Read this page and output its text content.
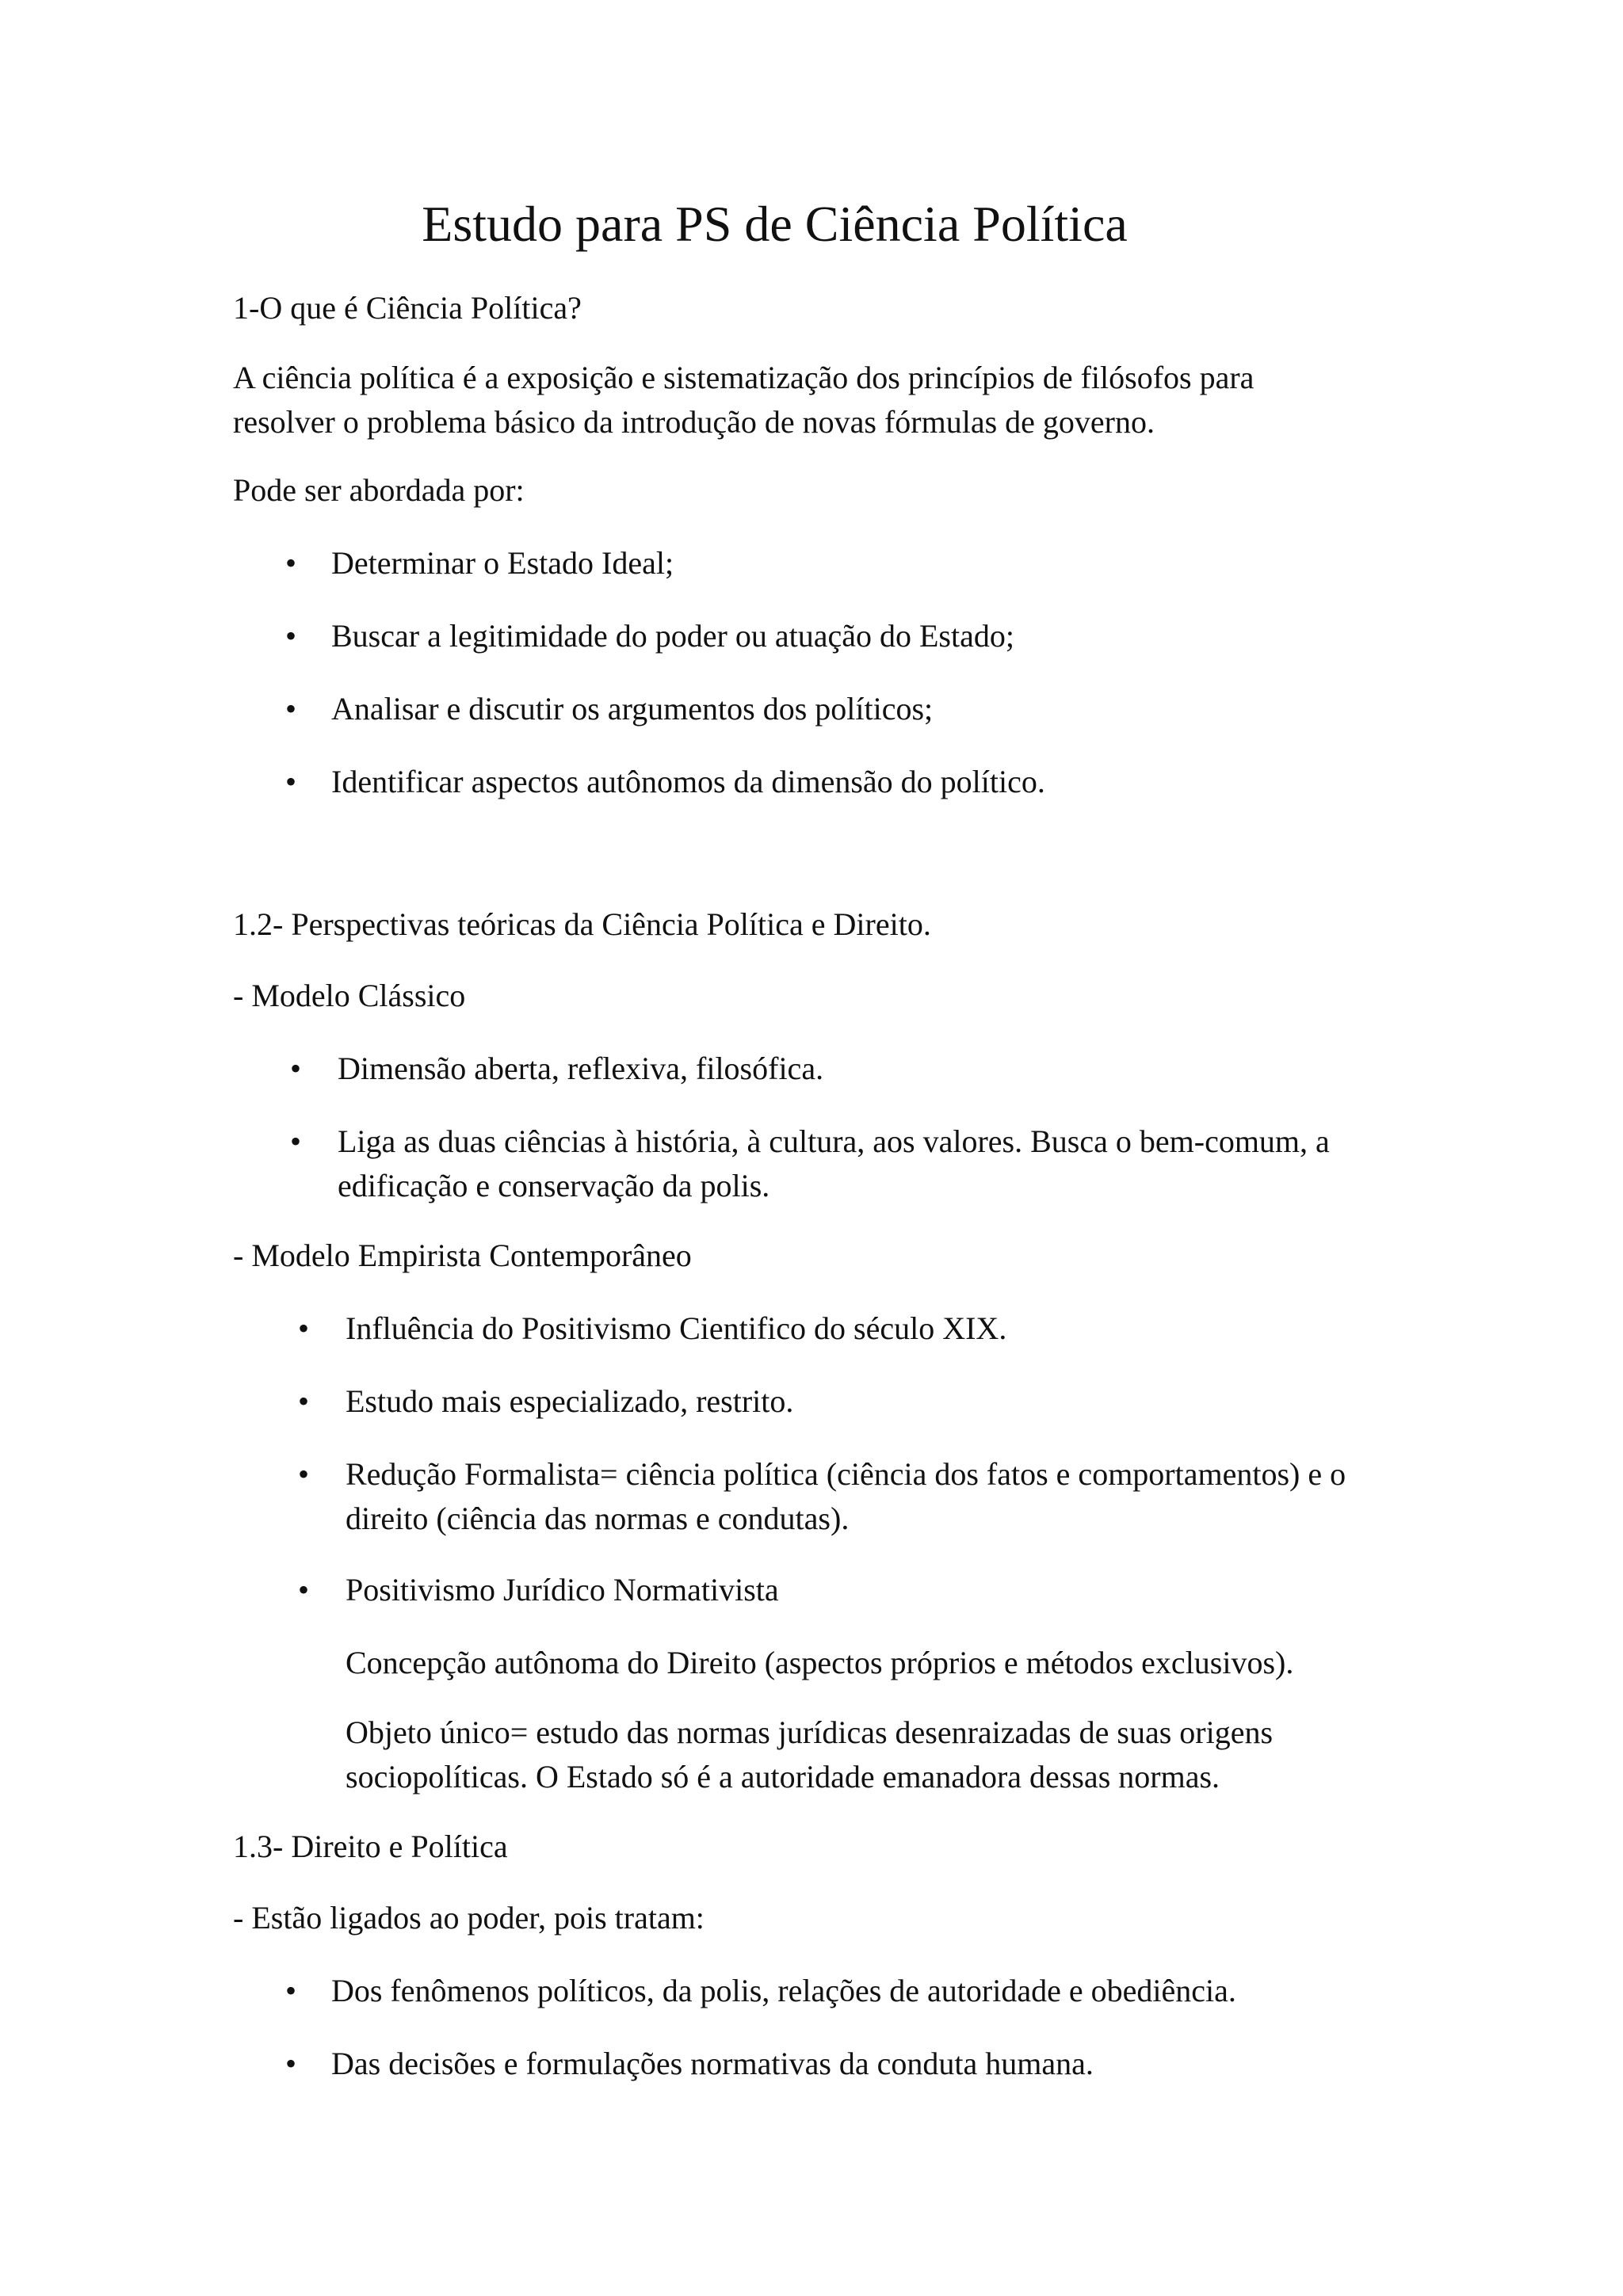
Estudo para PS de Ciência Política

1-O que é Ciência Política?

A ciência política é a exposição e sistematização dos princípios de filósofos para

resolver o problema básico da introdução de novas fórmulas de governo.

Pode ser abordada por:

• Determinar o Estado Ideal;

• Buscar a legitimidade do poder ou atuação do Estado;

• Analisar e discutir os argumentos dos políticos;

• Identificar aspectos autônomos da dimensão do político.

1.2- Perspectivas teóricas da Ciência Política e Direito.

- Modelo Clássico

• Dimensão aberta, reflexiva, filosófica.

• Liga as duas ciências à história, à cultura, aos valores. Busca o bem-comum, a

edificação e conservação da polis.

- Modelo Empirista Contemporâneo

• Influência do Positivismo Cientifico do século XIX.

• Estudo mais especializado, restrito.

• Redução Formalista= ciência política (ciência dos fatos e comportamentos) e o

direito (ciência das normas e condutas).

• Positivismo Jurídico Normativista

Concepção autônoma do Direito (aspectos próprios e métodos exclusivos).

Objeto único= estudo das normas jurídicas desenraizadas de suas origens

sociopolíticas. O Estado só é a autoridade emanadora dessas normas.

1.3- Direito e Política

- Estão ligados ao poder, pois tratam:

• Dos fenômenos políticos, da polis, relações de autoridade e obediência.

• Das decisões e formulações normativas da conduta humana.
